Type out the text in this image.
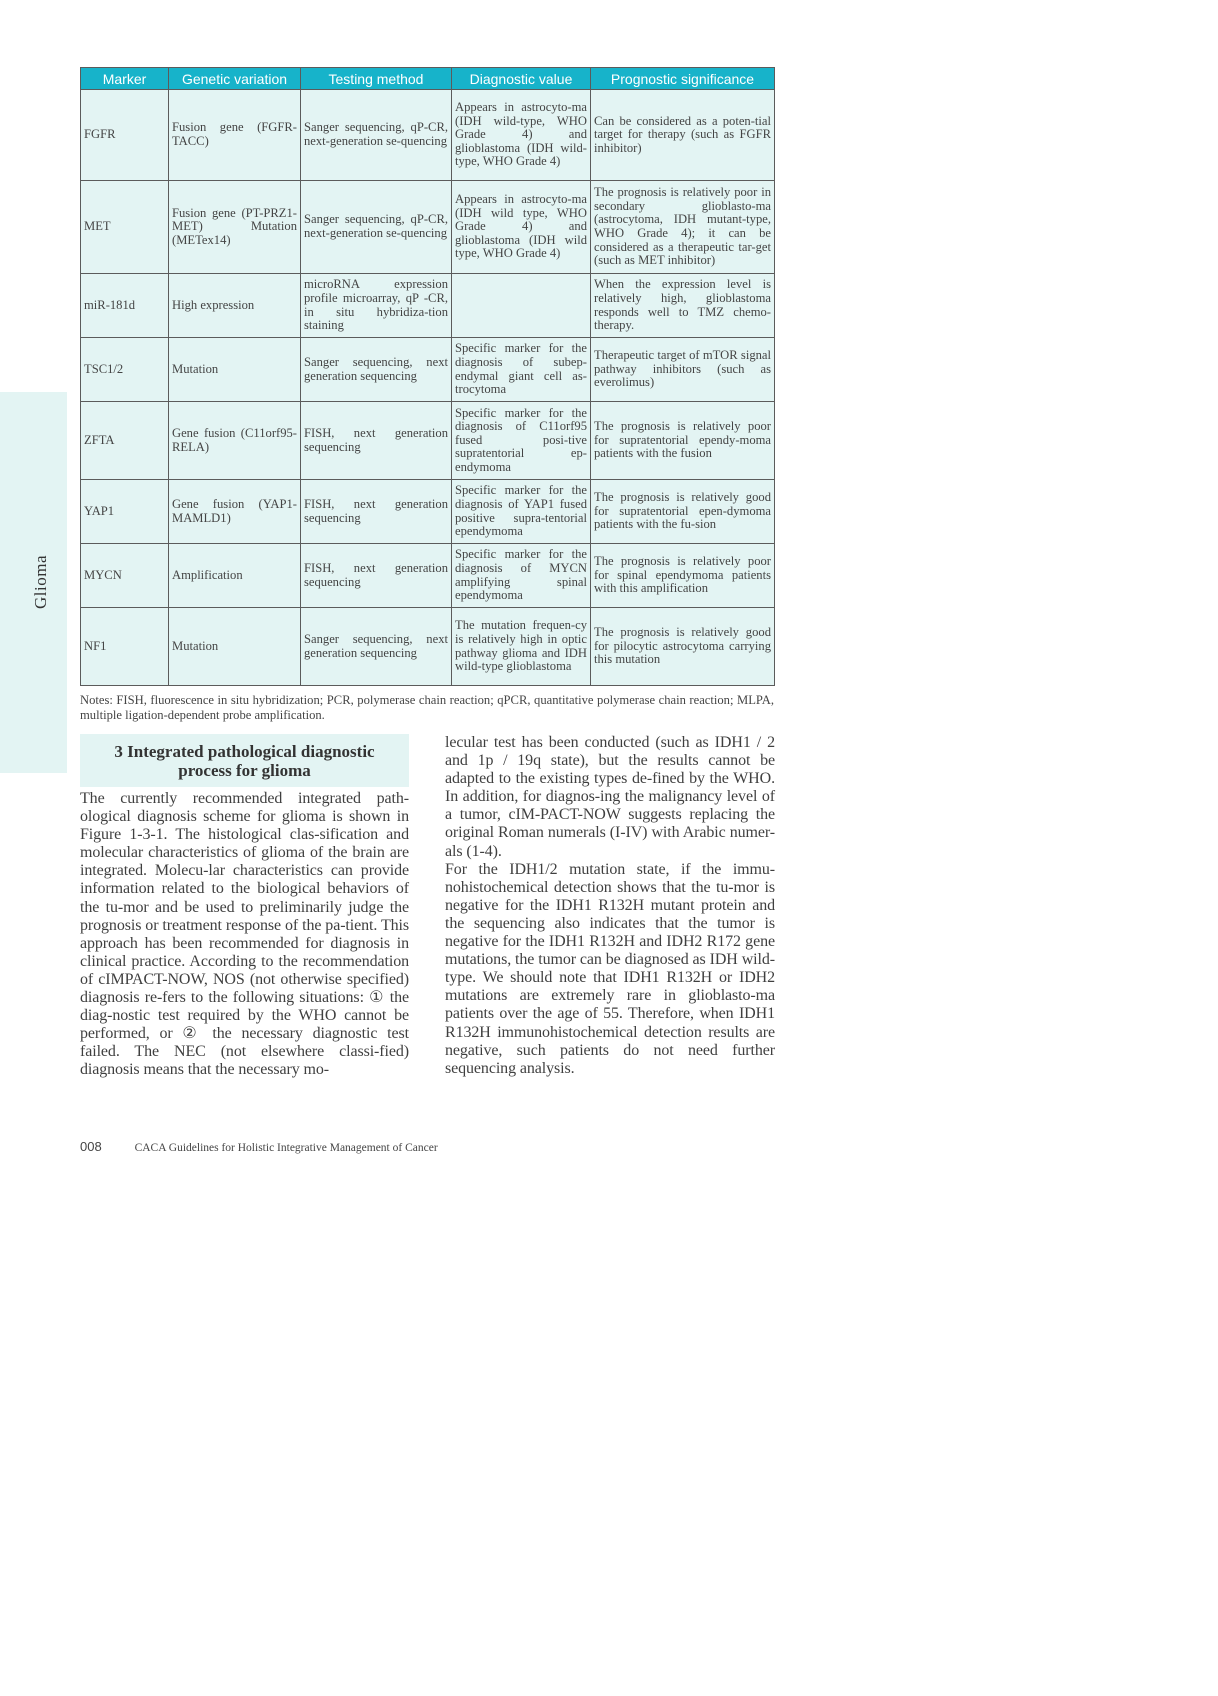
Glioma
Marker	Genetic variation	Testing method	Diagnostic value	Prognostic significance
FGFR	Fusion gene (FGFR-TACC)	Sanger sequencing, qP-CR, next-generation se-quencing	Appears in astrocyto-ma (IDH wild-type, WHO Grade 4) and glioblastoma (IDH wild-type, WHO Grade 4)	Can be considered as a poten-tial target for therapy (such as FGFR inhibitor)
MET	Fusion gene (PT-PRZ1-MET) Mutation (METex14)	Sanger sequencing, qP-CR, next-generation se-quencing	Appears in astrocyto-ma (IDH wild type, WHO Grade 4) and glioblastoma (IDH wild type, WHO Grade 4)	The prognosis is relatively poor in secondary glioblasto-ma (astrocytoma, IDH mutant-type, WHO Grade 4); it can be considered as a therapeutic tar-get (such as MET inhibitor)
miR-181d	High expression	microRNA expression profile microarray, qP -CR, in situ hybridiza-tion staining		When the expression level is relatively high, glioblastoma responds well to TMZ chemo-therapy.
TSC1/2	Mutation	Sanger sequencing, next generation sequencing	Specific marker for the diagnosis of subep-endymal giant cell as-trocytoma	Therapeutic target of mTOR signal pathway inhibitors (such as everolimus)
ZFTA	Gene fusion (C11orf95-RELA)	FISH, next generation sequencing	Specific marker for the diagnosis of C11orf95 fused posi-tive supratentorial ep-endymoma	The prognosis is relatively poor for supratentorial ependy-moma patients with the fusion
YAP1	Gene fusion (YAP1-MAMLD1)	FISH, next generation sequencing	Specific marker for the diagnosis of YAP1 fused positive supra-tentorial ependymoma	The prognosis is relatively good for supratentorial epen-dymoma patients with the fu-sion
MYCN	Amplification	FISH, next generation sequencing	Specific marker for the diagnosis of MYCN amplifying spinal ependymoma	The prognosis is relatively poor for spinal ependymoma patients with this amplification
NF1	Mutation	Sanger sequencing, next generation sequencing	The mutation frequen-cy is relatively high in optic pathway glioma and IDH wild-type glioblastoma	The prognosis is relatively good for pilocytic astrocytoma carrying this mutation
Notes: FISH, fluorescence in situ hybridization; PCR, polymerase chain reaction; qPCR, quantitative polymerase chain reaction; MLPA, multiple ligation-dependent probe amplification.
3 Integrated pathological diagnostic process for glioma

The currently recommended integrated path-ological diagnosis scheme for glioma is shown in Figure 1-3-1. The histological clas-sification and molecular characteristics of glioma of the brain are integrated. Molecu-lar characteristics can provide information related to the biological behaviors of the tu-mor and be used to preliminarily judge the prognosis or treatment response of the pa-tient. This approach has been recommended for diagnosis in clinical practice. According to the recommendation of cIMPACT-NOW, NOS (not otherwise specified) diagnosis re-fers to the following situations: ① the diag-nostic test required by the WHO cannot be performed, or ② the necessary diagnostic test failed. The NEC (not elsewhere classi-fied) diagnosis means that the necessary mo-

lecular test has been conducted (such as IDH1 / 2 and 1p / 19q state), but the results cannot be adapted to the existing types de-fined by the WHO. In addition, for diagnos-ing the malignancy level of a tumor, cIM-PACT-NOW suggests replacing the original Roman numerals (I-IV) with Arabic numer-als (1-4).

For the IDH1/2 mutation state, if the immu-nohistochemical detection shows that the tu-mor is negative for the IDH1 R132H mutant protein and the sequencing also indicates that the tumor is negative for the IDH1 R132H and IDH2 R172 gene mutations, the tumor can be diagnosed as IDH wild-type. We should note that IDH1 R132H or IDH2 mutations are extremely rare in glioblasto-ma patients over the age of 55. Therefore, when IDH1 R132H immunohistochemical detection results are negative, such patients do not need further sequencing analysis.

008	CACA Guidelines for Holistic Integrative Management of Cancer
